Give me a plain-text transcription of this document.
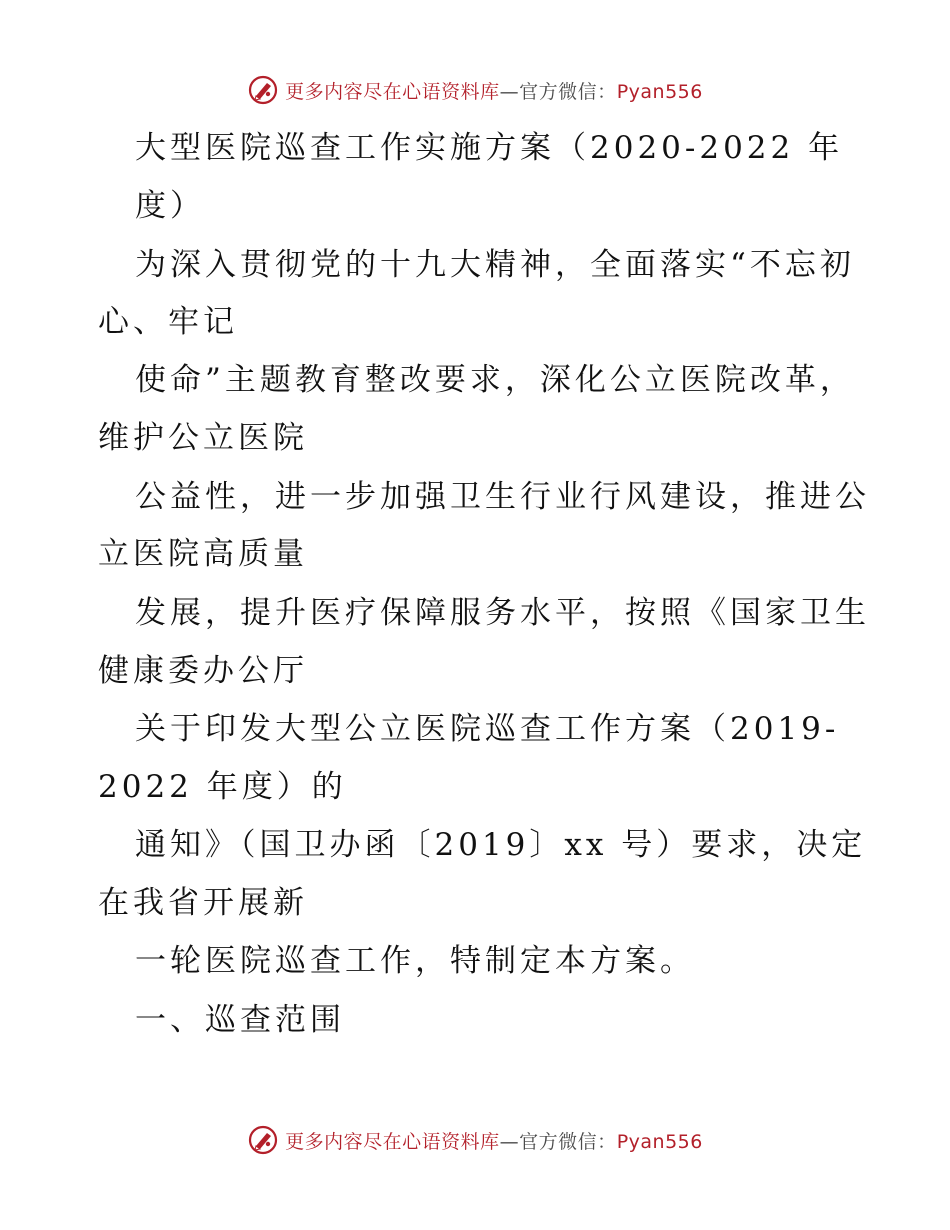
更多内容尽在心语资料库—官方微信：Pyan556
大型医院巡查工作实施方案（2020-2022 年
度）
为深入贯彻党的十九大精神，全面落实“不忘初
心、牢记
使命”主题教育整改要求，深化公立医院改革，
维护公立医院
公益性，进一步加强卫生行业行风建设，推进公
立医院高质量
发展，提升医疗保障服务水平，按照《国家卫生
健康委办公厅
关于印发大型公立医院巡查工作方案（2019-
2022 年度）的
通知》（国卫办函〔2019〕xx 号）要求，决定
在我省开展新
一轮医院巡查工作，特制定本方案。
一、巡查范围
更多内容尽在心语资料库—官方微信：Pyan556
